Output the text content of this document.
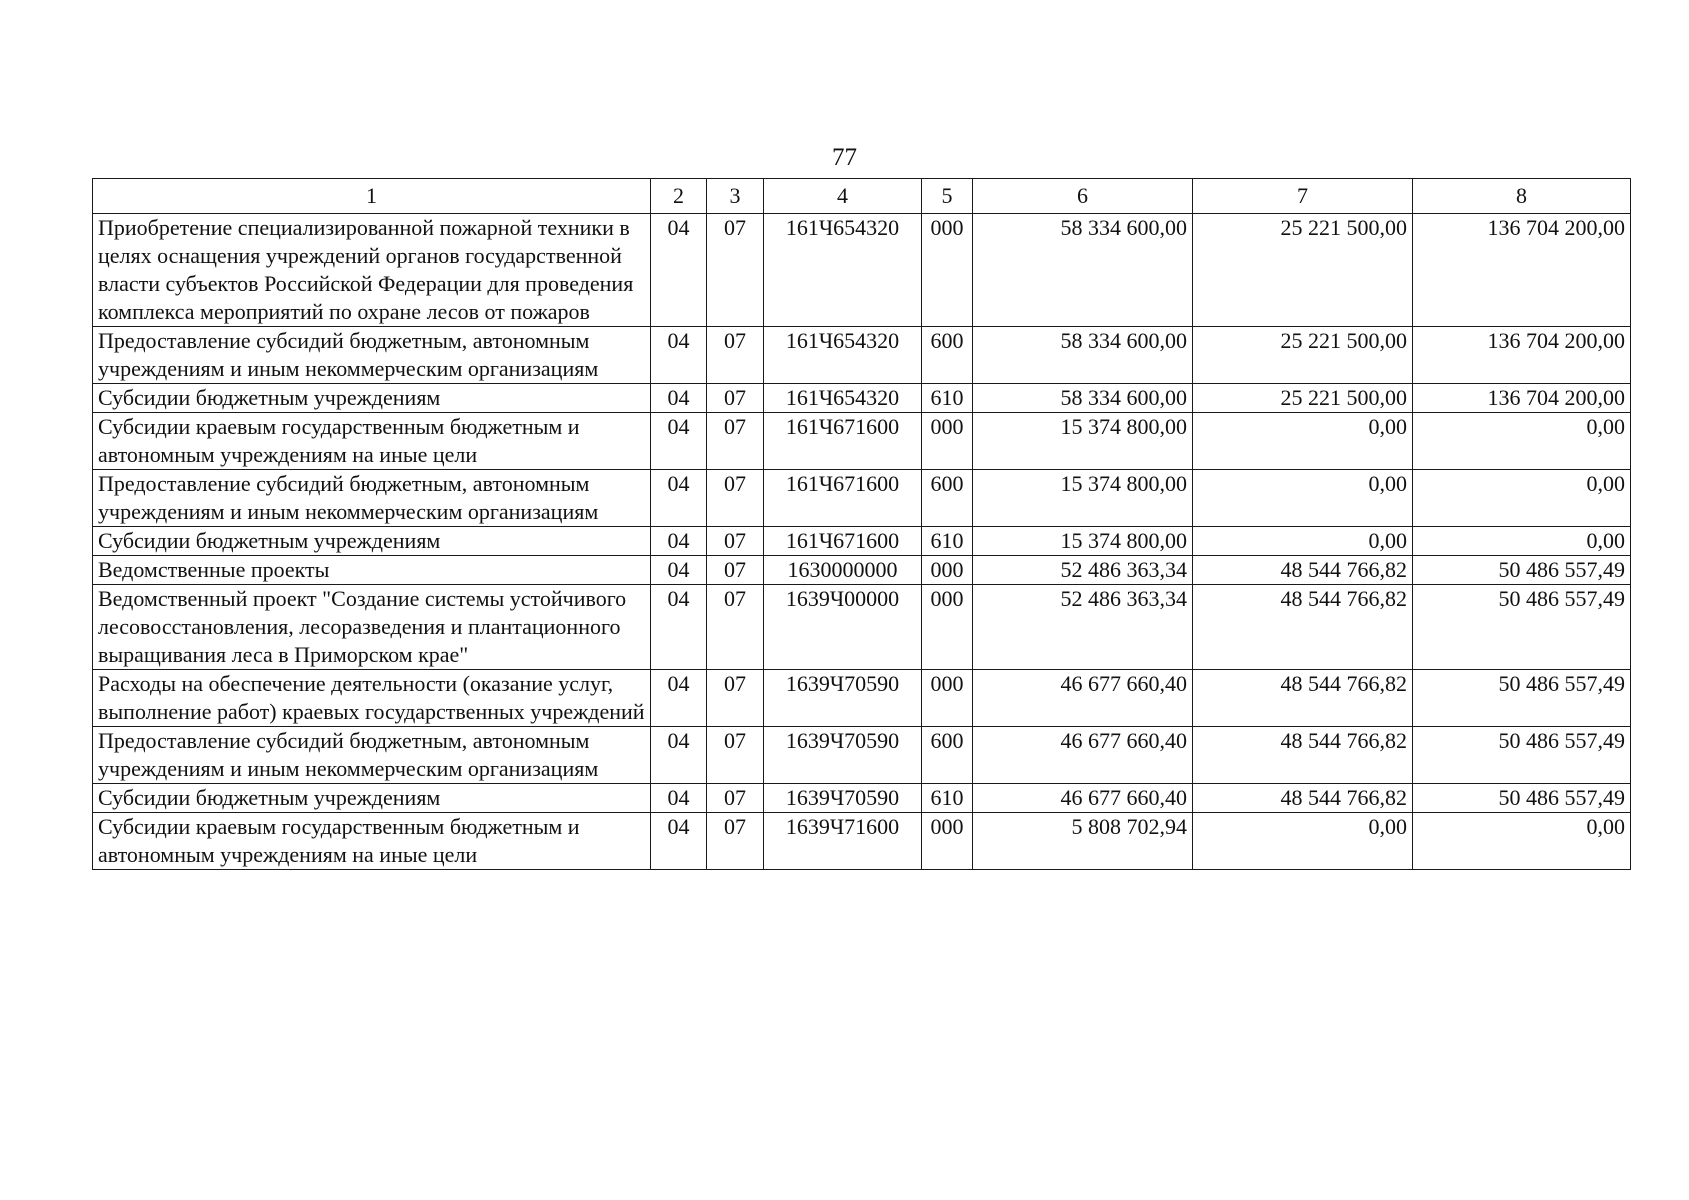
77
1	2	3	4	5	6	7	8
Приобретение специализированной пожарной техники в целях оснащения учреждений органов государственной власти субъектов Российской Федерации для проведения комплекса мероприятий по охране лесов от пожаров	04	07	161Ч654320	000	58 334 600,00	25 221 500,00	136 704 200,00
Предоставление субсидий бюджетным, автономным учреждениям и иным некоммерческим организациям	04	07	161Ч654320	600	58 334 600,00	25 221 500,00	136 704 200,00
Субсидии бюджетным учреждениям	04	07	161Ч654320	610	58 334 600,00	25 221 500,00	136 704 200,00
Субсидии краевым государственным бюджетным и автономным учреждениям на иные цели	04	07	161Ч671600	000	15 374 800,00	0,00	0,00
Предоставление субсидий бюджетным, автономным учреждениям и иным некоммерческим организациям	04	07	161Ч671600	600	15 374 800,00	0,00	0,00
Субсидии бюджетным учреждениям	04	07	161Ч671600	610	15 374 800,00	0,00	0,00
Ведомственные проекты	04	07	1630000000	000	52 486 363,34	48 544 766,82	50 486 557,49
Ведомственный проект "Создание системы устойчивого лесовосстановления, лесоразведения и плантационного выращивания леса в Приморском крае"	04	07	1639Ч00000	000	52 486 363,34	48 544 766,82	50 486 557,49
Расходы на обеспечение деятельности (оказание услуг, выполнение работ) краевых государственных учреждений	04	07	1639Ч70590	000	46 677 660,40	48 544 766,82	50 486 557,49
Предоставление субсидий бюджетным, автономным учреждениям и иным некоммерческим организациям	04	07	1639Ч70590	600	46 677 660,40	48 544 766,82	50 486 557,49
Субсидии бюджетным учреждениям	04	07	1639Ч70590	610	46 677 660,40	48 544 766,82	50 486 557,49
Субсидии краевым государственным бюджетным и автономным учреждениям на иные цели	04	07	1639Ч71600	000	5 808 702,94	0,00	0,00
